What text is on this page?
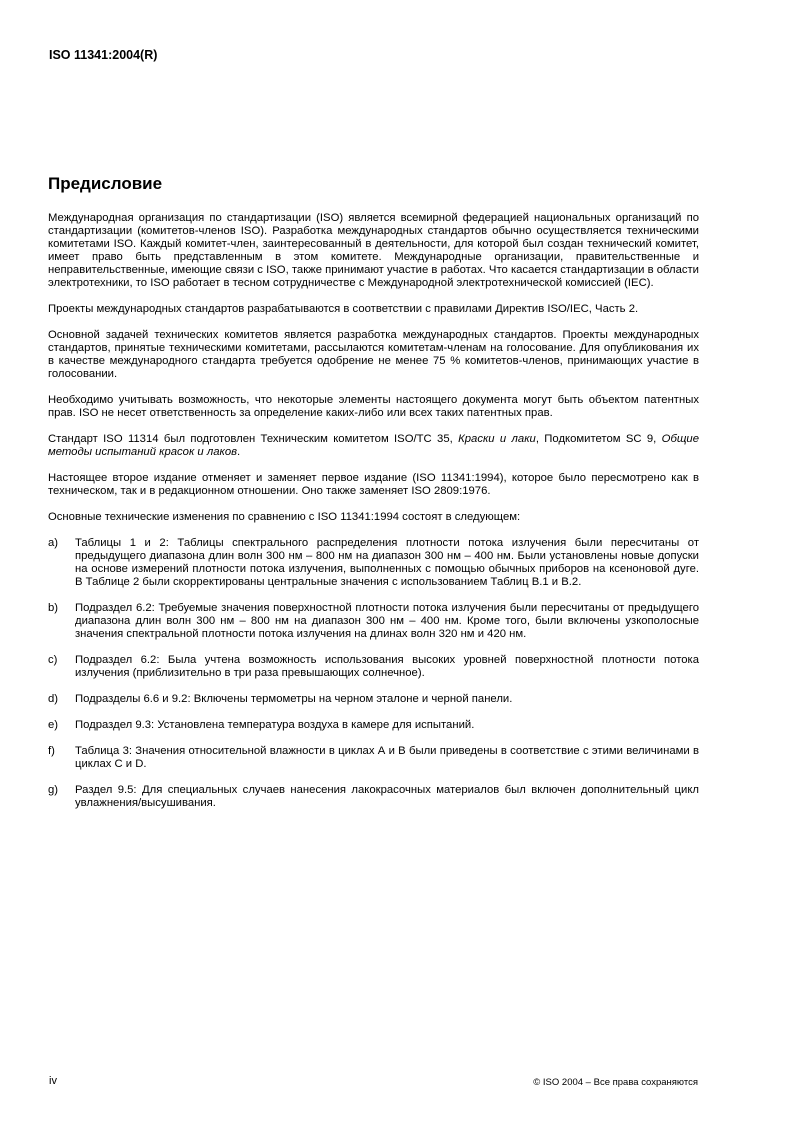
ISO 11341:2004(R)
Предисловие

Международная организация по стандартизации (ISO) является всемирной федерацией национальных организаций по стандартизации (комитетов-членов ISO). Разработка международных стандартов обычно осуществляется техническими комитетами ISO. Каждый комитет-член, заинтересованный в деятельности, для которой был создан технический комитет, имеет право быть представленным в этом комитете. Международные организации, правительственные и неправительственные, имеющие связи с ISO, также принимают участие в работах. Что касается стандартизации в области электротехники, то ISO работает в тесном сотрудничестве с Международной электротехнической комиссией (IEC).

Проекты международных стандартов разрабатываются в соответствии с правилами Директив ISO/IEC, Часть 2.

Основной задачей технических комитетов является разработка международных стандартов. Проекты международных стандартов, принятые техническими комитетами, рассылаются комитетам-членам на голосование. Для опубликования их в качестве международного стандарта требуется одобрение не менее 75 % комитетов-членов, принимающих участие в голосовании.

Необходимо учитывать возможность, что некоторые элементы настоящего документа могут быть объектом патентных прав. ISO не несет ответственность за определение каких-либо или всех таких патентных прав.

Стандарт ISO 11314 был подготовлен Техническим комитетом ISO/TC 35, Краски и лаки, Подкомитетом SC 9, Общие методы испытаний красок и лаков.

Настоящее второе издание отменяет и заменяет первое издание (ISO 11341:1994), которое было пересмотрено как в техническом, так и в редакционном отношении. Оно также заменяет ISO 2809:1976.

Основные технические изменения по сравнению с ISO 11341:1994 состоят в следующем:

a) Таблицы 1 и 2: Таблицы спектрального распределения плотности потока излучения были пересчитаны от предыдущего диапазона длин волн 300 нм – 800 нм на диапазон 300 нм – 400 нм. Были установлены новые допуски на основе измерений плотности потока излучения, выполненных с помощью обычных приборов на ксеноновой дуге. В Таблице 2 были скорректированы центральные значения с использованием Таблиц B.1 и B.2.
b) Подраздел 6.2: Требуемые значения поверхностной плотности потока излучения были пересчитаны от предыдущего диапазона длин волн 300 нм – 800 нм на диапазон 300 нм – 400 нм. Кроме того, были включены узкополосные значения спектральной плотности потока излучения на длинах волн 320 нм и 420 нм.
c) Подраздел 6.2: Была учтена возможность использования высоких уровней поверхностной плотности потока излучения (приблизительно в три раза превышающих солнечное).
d) Подразделы 6.6 и 9.2: Включены термометры на черном эталоне и черной панели.
e) Подраздел 9.3: Установлена температура воздуха в камере для испытаний.
f) Таблица 3: Значения относительной влажности в циклах А и В были приведены в соответствие с этими величинами в циклах С и D.
g) Раздел 9.5: Для специальных случаев нанесения лакокрасочных материалов был включен дополнительный цикл увлажнения/высушивания.
iv	© ISO 2004 – Все права сохраняются
